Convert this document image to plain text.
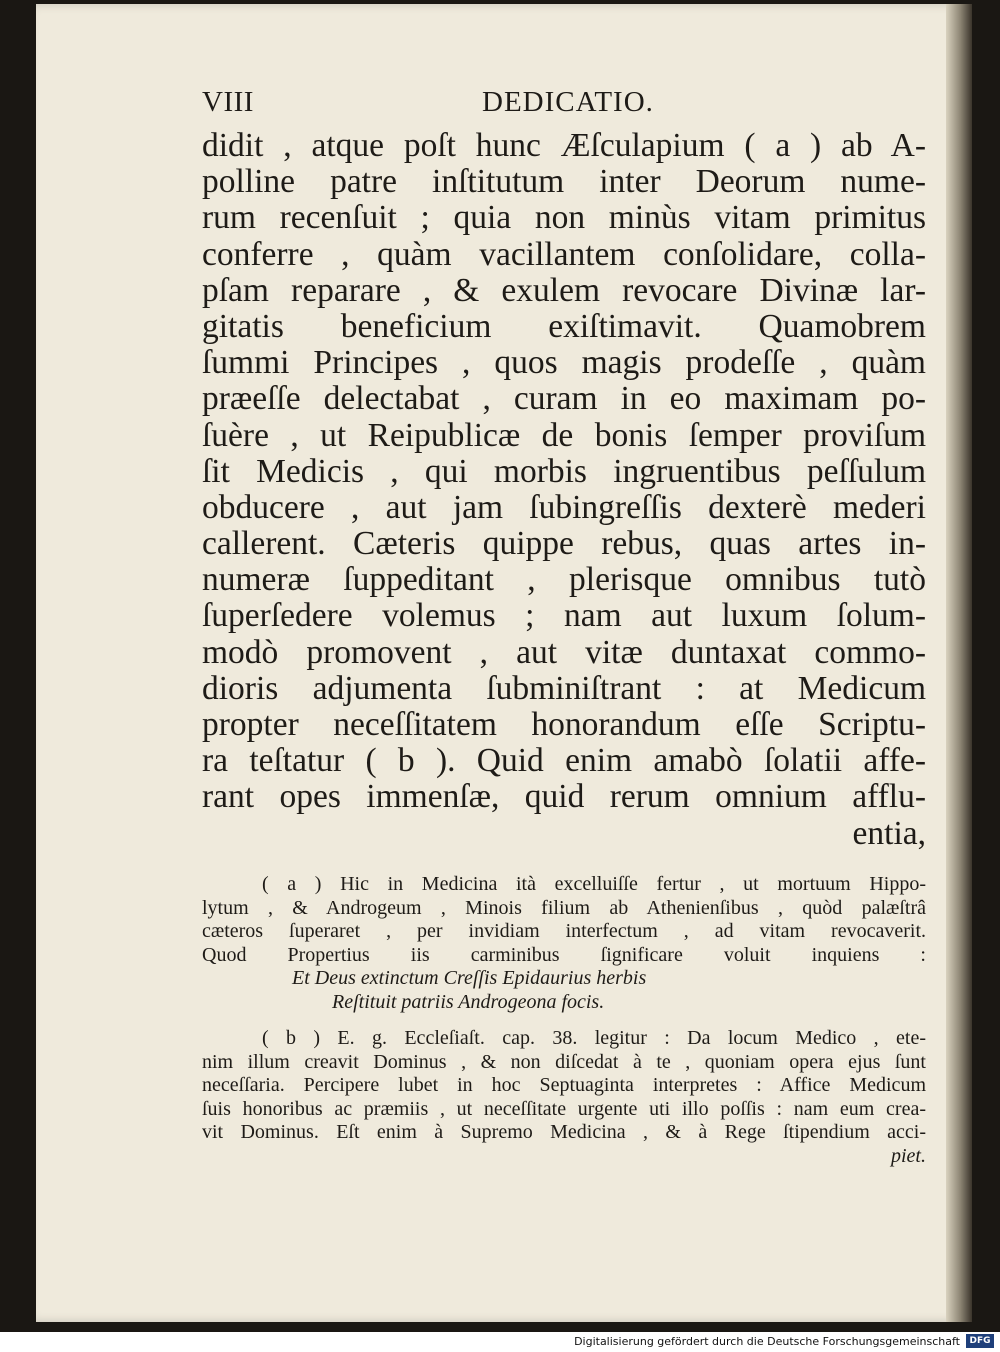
VIII	DEDICATIO.
didit , atque poſt hunc Æſculapium ( a ) ab A-
polline patre inſtitutum inter Deorum nume-
rum recenſuit ; quia non minùs vitam primitus
conferre , quàm vacillantem conſolidare, colla-
pſam reparare , & exulem revocare Divinæ lar-
gitatis beneficium exiſtimavit. Quamobrem
ſummi Principes , quos magis prodeſſe , quàm
præeſſe delectabat , curam in eo maximam po-
ſuère , ut Reipublicæ de bonis ſemper proviſum
ſit Medicis , qui morbis ingruentibus peſſulum
obducere , aut jam ſubingreſſis dexterè mederi
callerent. Cæteris quippe rebus, quas artes in-
numeræ ſuppeditant , plerisque omnibus tutò
ſuperſedere volemus ; nam aut luxum ſolum-
modò promovent , aut vitæ duntaxat commo-
dioris adjumenta ſubminiſtrant : at Medicum
propter neceſſitatem honorandum eſſe Scriptu-
ra teſtatur ( b ). Quid enim amabò ſolatii affe-
rant opes immenſæ, quid rerum omnium afflu-
entia,
( a ) Hic in Medicina ità excelluiſſe fertur , ut mortuum Hippo-
lytum , & Androgeum , Minois filium ab Athenienſibus , quòd palæſtrâ
cæteros ſuperaret , per invidiam interfectum , ad vitam revocaverit.
Quod Propertius iis carminibus ſignificare voluit inquiens :
Et Deus extinctum Creſſis Epidaurius herbis
Reſtituit patriis Androgeona focis.
( b ) E. g. Eccleſiaſt. cap. 38. legitur : Da locum Medico , ete-
nim illum creavit Dominus , & non diſcedat à te , quoniam opera ejus ſunt
neceſſaria. Percipere lubet in hoc Septuaginta interpretes : Affice Medicum
ſuis honoribus ac præmiis , ut neceſſitate urgente uti illo poſſis : nam eum crea-
vit Dominus. Eſt enim à Supremo Medicina , & à Rege ſtipendium acci-
piet.
Digitalisierung gefördert durch die Deutsche Forschungsgemeinschaft	DFG
